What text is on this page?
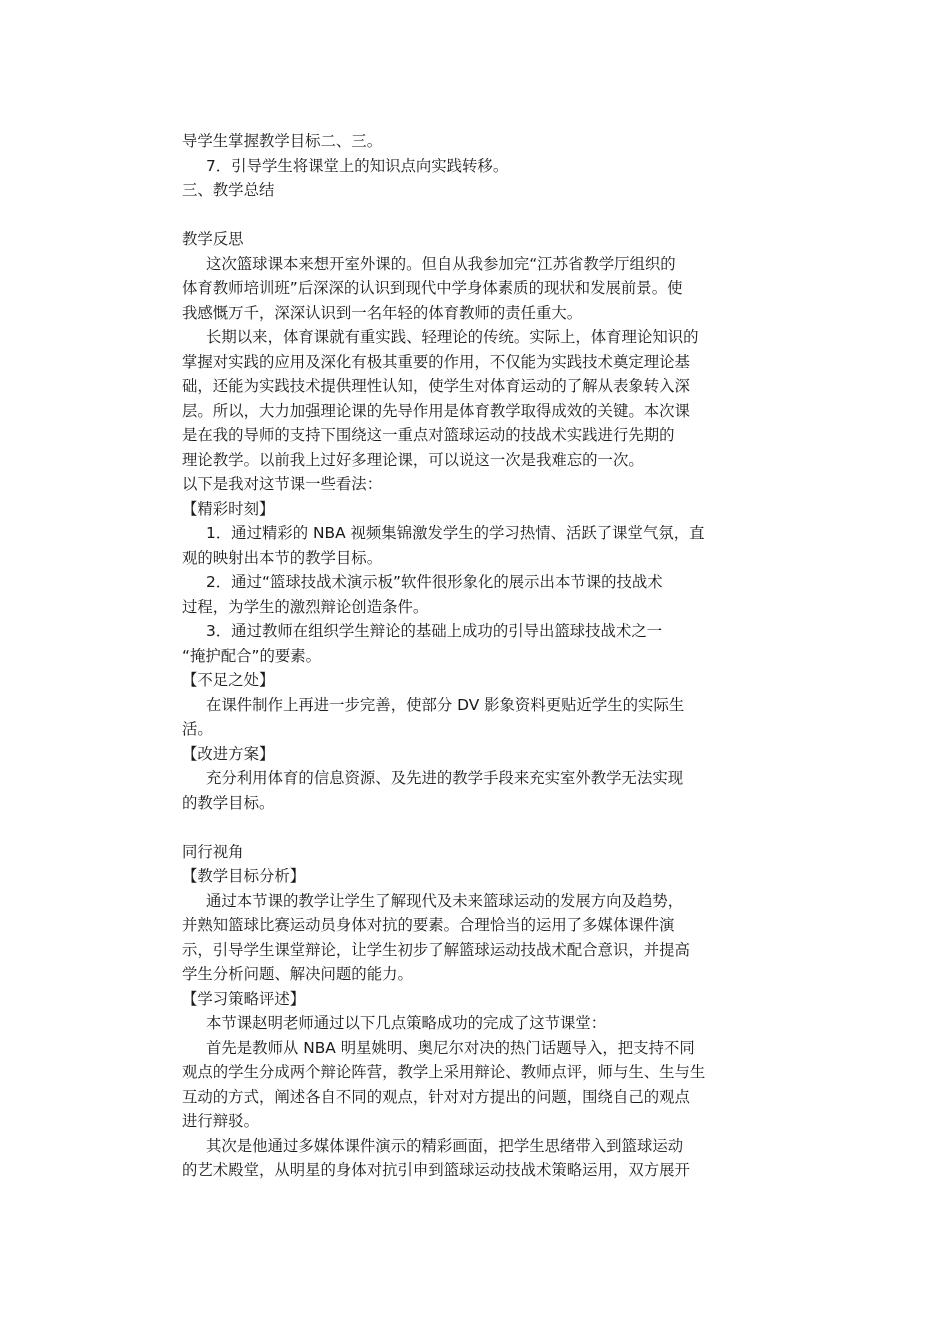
导学生掌握教学目标二、三。
7．引导学生将课堂上的知识点向实践转移。
三、教学总结
教学反思
这次篮球课本来想开室外课的。但自从我参加完“江苏省教学厅组织的
体育教师培训班”后深深的认识到现代中学身体素质的现状和发展前景。使
我感慨万千，深深认识到一名年轻的体育教师的责任重大。
长期以来，体育课就有重实践、轻理论的传统。实际上，体育理论知识的
掌握对实践的应用及深化有极其重要的作用，不仅能为实践技术奠定理论基
础，还能为实践技术提供理性认知，使学生对体育运动的了解从表象转入深
层。所以，大力加强理论课的先导作用是体育教学取得成效的关键。本次课
是在我的导师的支持下围绕这一重点对篮球运动的技战术实践进行先期的
理论教学。以前我上过好多理论课，可以说这一次是我难忘的一次。
以下是我对这节课一些看法：
【精彩时刻】
1．通过精彩的 NBA 视频集锦激发学生的学习热情、活跃了课堂气氛，直
观的映射出本节的教学目标。
2．通过“篮球技战术演示板”软件很形象化的展示出本节课的技战术
过程，为学生的激烈辩论创造条件。
3．通过教师在组织学生辩论的基础上成功的引导出篮球技战术之一
“掩护配合”的要素。
【不足之处】
在课件制作上再进一步完善，使部分 DV 影象资料更贴近学生的实际生
活。
【改进方案】
充分利用体育的信息资源、及先进的教学手段来充实室外教学无法实现
的教学目标。
同行视角
【教学目标分析】
通过本节课的教学让学生了解现代及未来篮球运动的发展方向及趋势，
并熟知篮球比赛运动员身体对抗的要素。合理恰当的运用了多媒体课件演
示，引导学生课堂辩论，让学生初步了解篮球运动技战术配合意识，并提高
学生分析问题、解决问题的能力。
【学习策略评述】
本节课赵明老师通过以下几点策略成功的完成了这节课堂：
首先是教师从 NBA 明星姚明、奥尼尔对决的热门话题导入，把支持不同
观点的学生分成两个辩论阵营，教学上采用辩论、教师点评，师与生、生与生
互动的方式，阐述各自不同的观点，针对对方提出的问题，围绕自己的观点
进行辩驳。
其次是他通过多媒体课件演示的精彩画面，把学生思绪带入到篮球运动
的艺术殿堂，从明星的身体对抗引申到篮球运动技战术策略运用，双方展开
